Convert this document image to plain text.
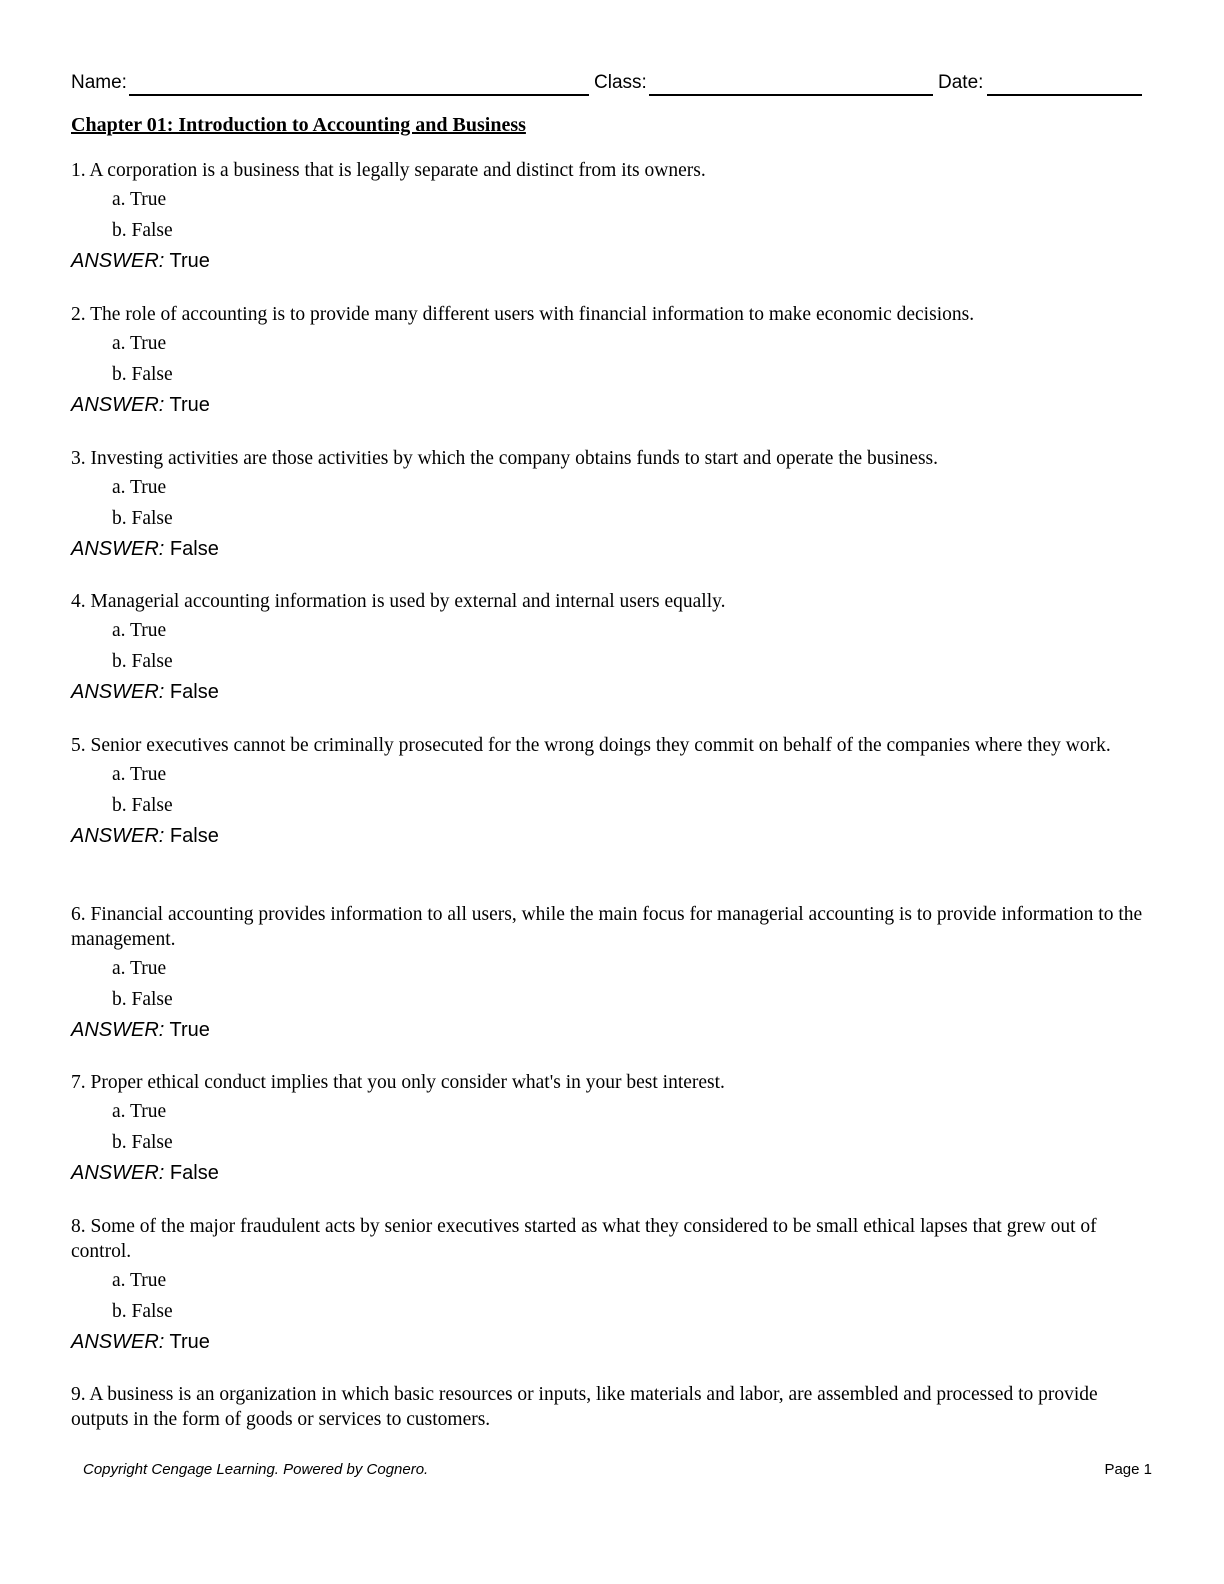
Name:	Class:	Date:
Chapter 01: Introduction to Accounting and Business
1. A corporation is a business that is legally separate and distinct from its owners.
a. True
b. False
ANSWER: True
2. The role of accounting is to provide many different users with financial information to make economic decisions.
a. True
b. False
ANSWER: True
3. Investing activities are those activities by which the company obtains funds to start and operate the business.
a. True
b. False
ANSWER: False
4. Managerial accounting information is used by external and internal users equally.
a. True
b. False
ANSWER: False
5. Senior executives cannot be criminally prosecuted for the wrong doings they commit on behalf of the companies where they work.
a. True
b. False
ANSWER: False
6. Financial accounting provides information to all users, while the main focus for managerial accounting is to provide information to the management.
a. True
b. False
ANSWER: True
7. Proper ethical conduct implies that you only consider what's in your best interest.
a. True
b. False
ANSWER: False
8. Some of the major fraudulent acts by senior executives started as what they considered to be small ethical lapses that grew out of control.
a. True
b. False
ANSWER: True
9. A business is an organization in which basic resources or inputs, like materials and labor, are assembled and processed to provide outputs in the form of goods or services to customers.
Copyright Cengage Learning. Powered by Cognero.	Page 1
